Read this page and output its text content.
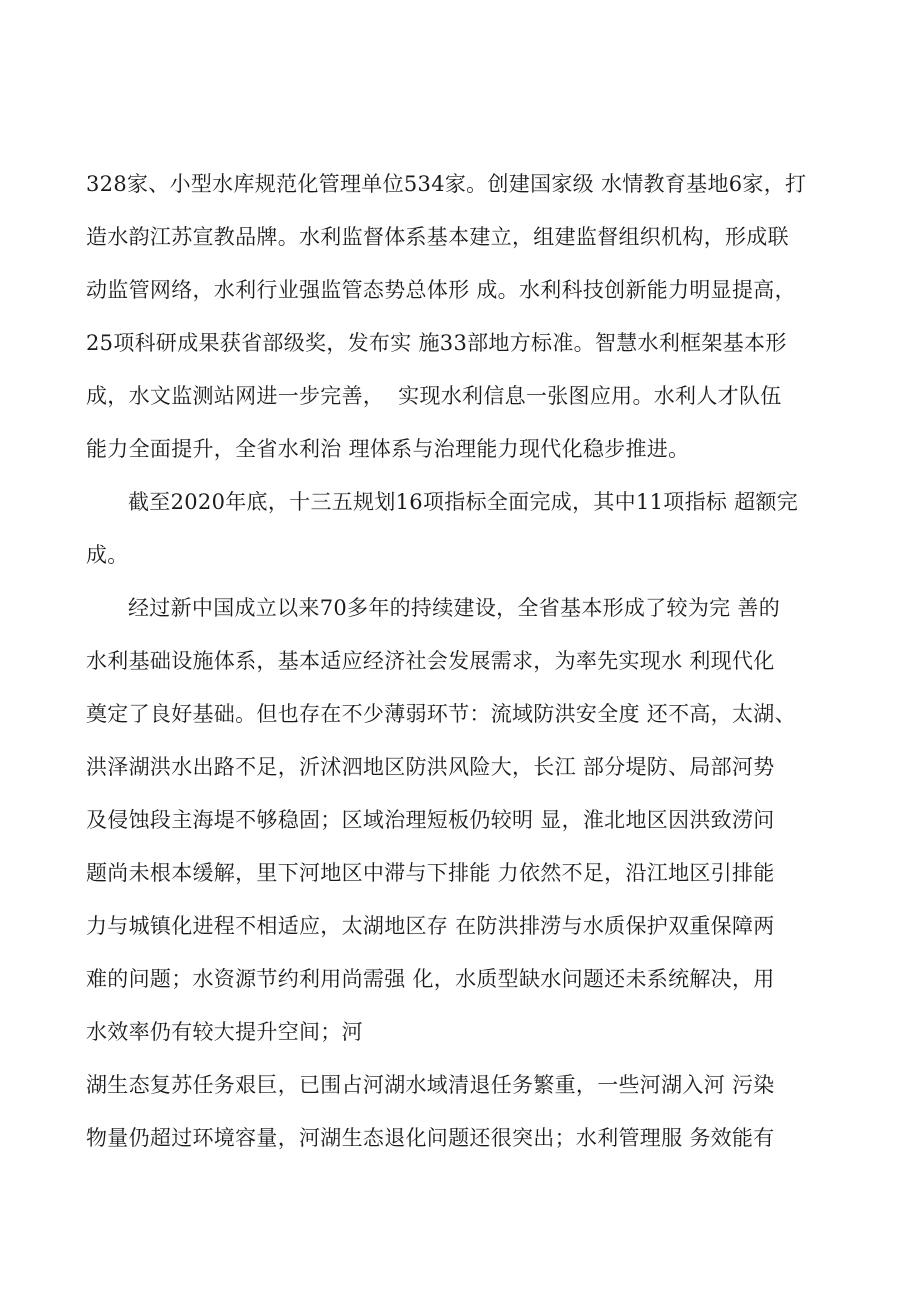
328家、小型水库规范化管理单位534家。创建国家级 水情教育基地6家，打
造水韵江苏宣教品牌。水利监督体系基本建立，组建监督组织机构，形成联
动监管网络，水利行业强监管态势总体形 成。水利科技创新能力明显提高，
25项科研成果获省部级奖，发布实 施33部地方标准。智慧水利框架基本形
成，水文监测站网进一步完善，  实现水利信息一张图应用。水利人才队伍
能力全面提升，全省水利治 理体系与治理能力现代化稳步推进。
截至2020年底，十三五规划16项指标全面完成，其中11项指标 超额完
成。
经过新中国成立以来70多年的持续建设，全省基本形成了较为完 善的
水利基础设施体系，基本适应经济社会发展需求，为率先实现水 利现代化
奠定了良好基础。但也存在不少薄弱环节：流域防洪安全度 还不高，太湖、
洪泽湖洪水出路不足，沂沭泗地区防洪风险大，长江 部分堤防、局部河势
及侵蚀段主海堤不够稳固；区域治理短板仍较明 显，淮北地区因洪致涝问
题尚未根本缓解，里下河地区中滞与下排能 力依然不足，沿江地区引排能
力与城镇化进程不相适应，太湖地区存 在防洪排涝与水质保护双重保障两
难的问题；水资源节约利用尚需强 化，水质型缺水问题还未系统解决，用
水效率仍有较大提升空间；河
湖生态复苏任务艰巨，已围占河湖水域清退任务繁重，一些河湖入河 污染
物量仍超过环境容量，河湖生态退化问题还很突出；水利管理服 务效能有
